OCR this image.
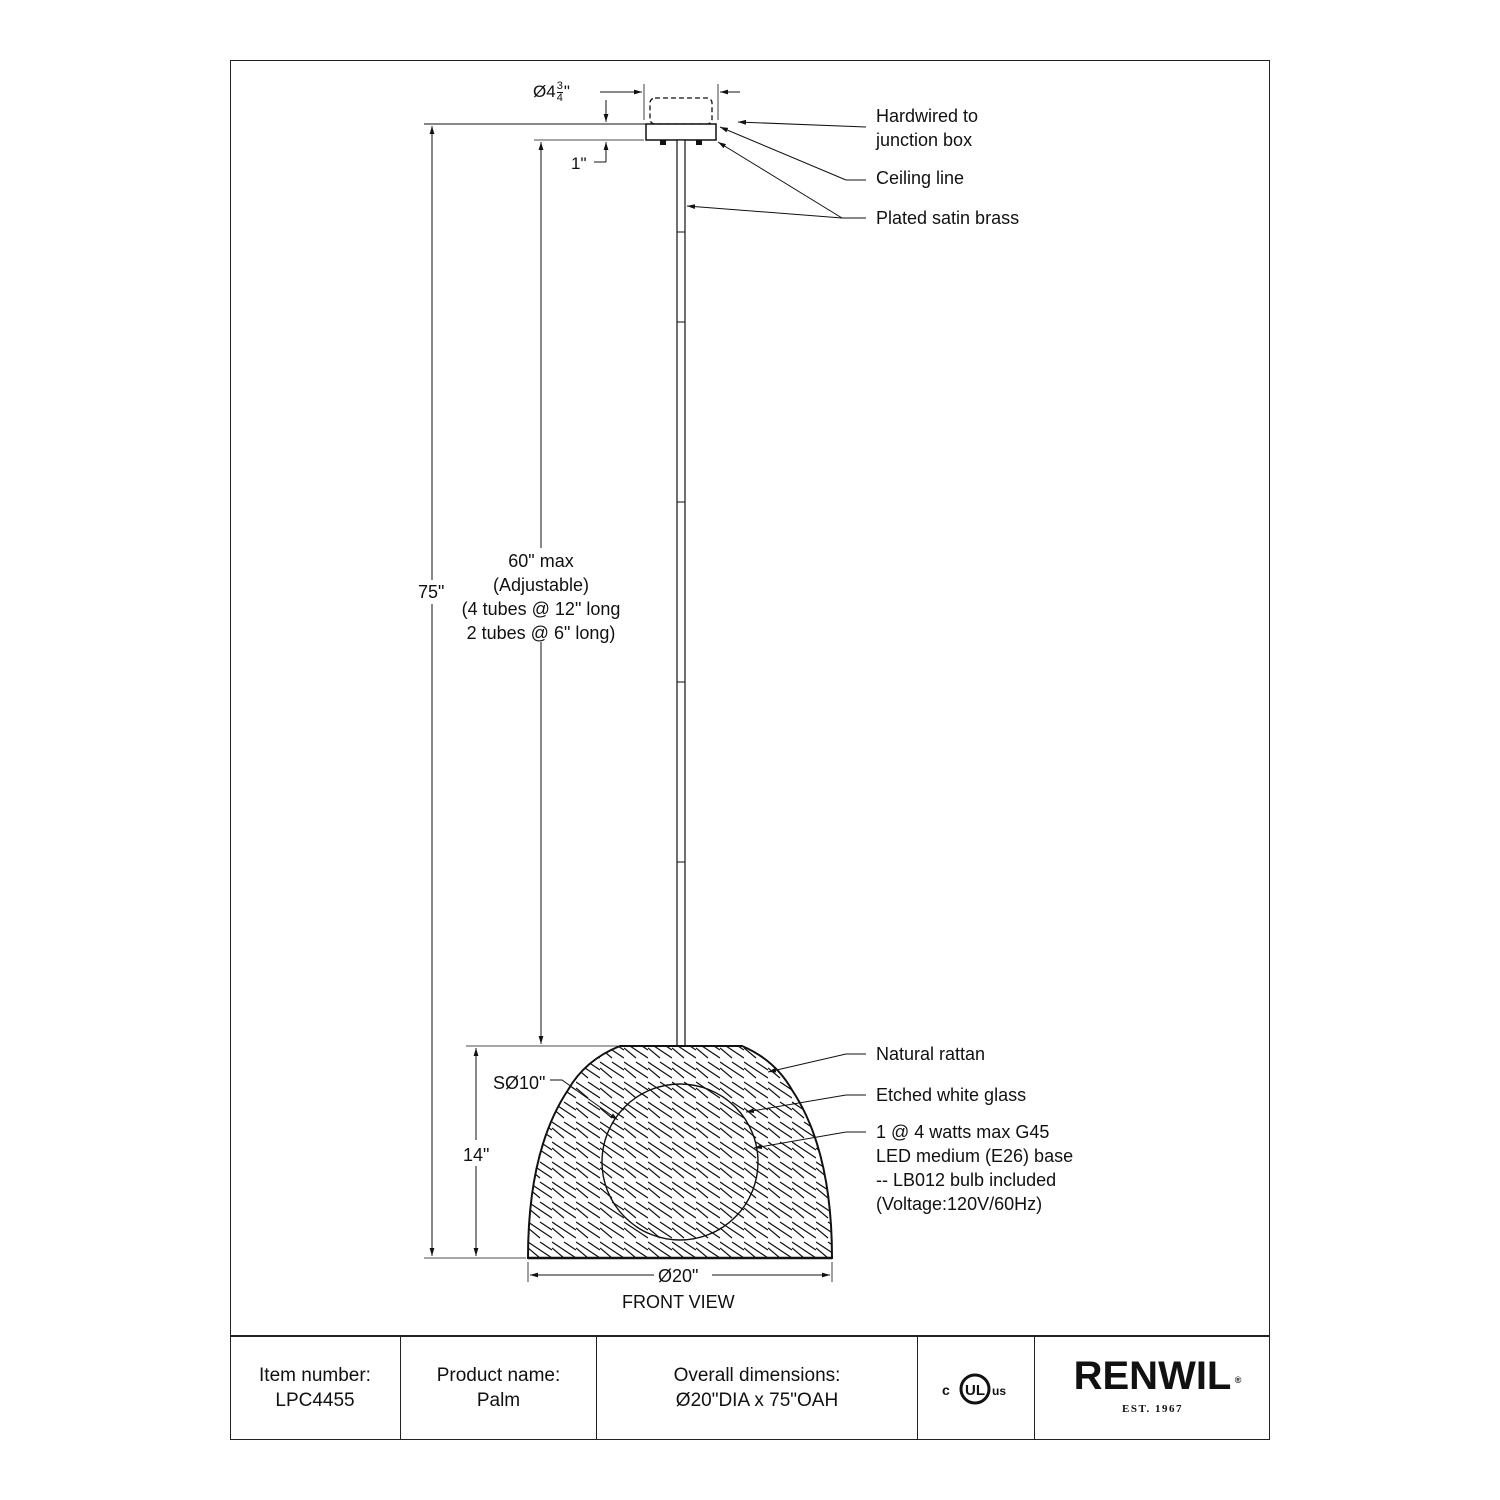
Ø4 $\frac{3}{4}$ "
1"
75"
60" max
(Adjustable)
(4 tubes @ 12" long
2 tubes @ 6" long)
14"
SØ10"
Ø20"
FRONT VIEW
Hardwired to
junction box
Ceiling line
Plated satin brass
Natural rattan
Etched white glass
1 @ 4 watts max G45
LED medium (E26) base
-- LB012 bulb included
(Voltage:120V/60Hz)
Item number:
LPC4455
Product name:
Palm
Overall dimensions:
Ø20"DIA x 75"OAH	c UL us RENWIL ®
EST. 1967
